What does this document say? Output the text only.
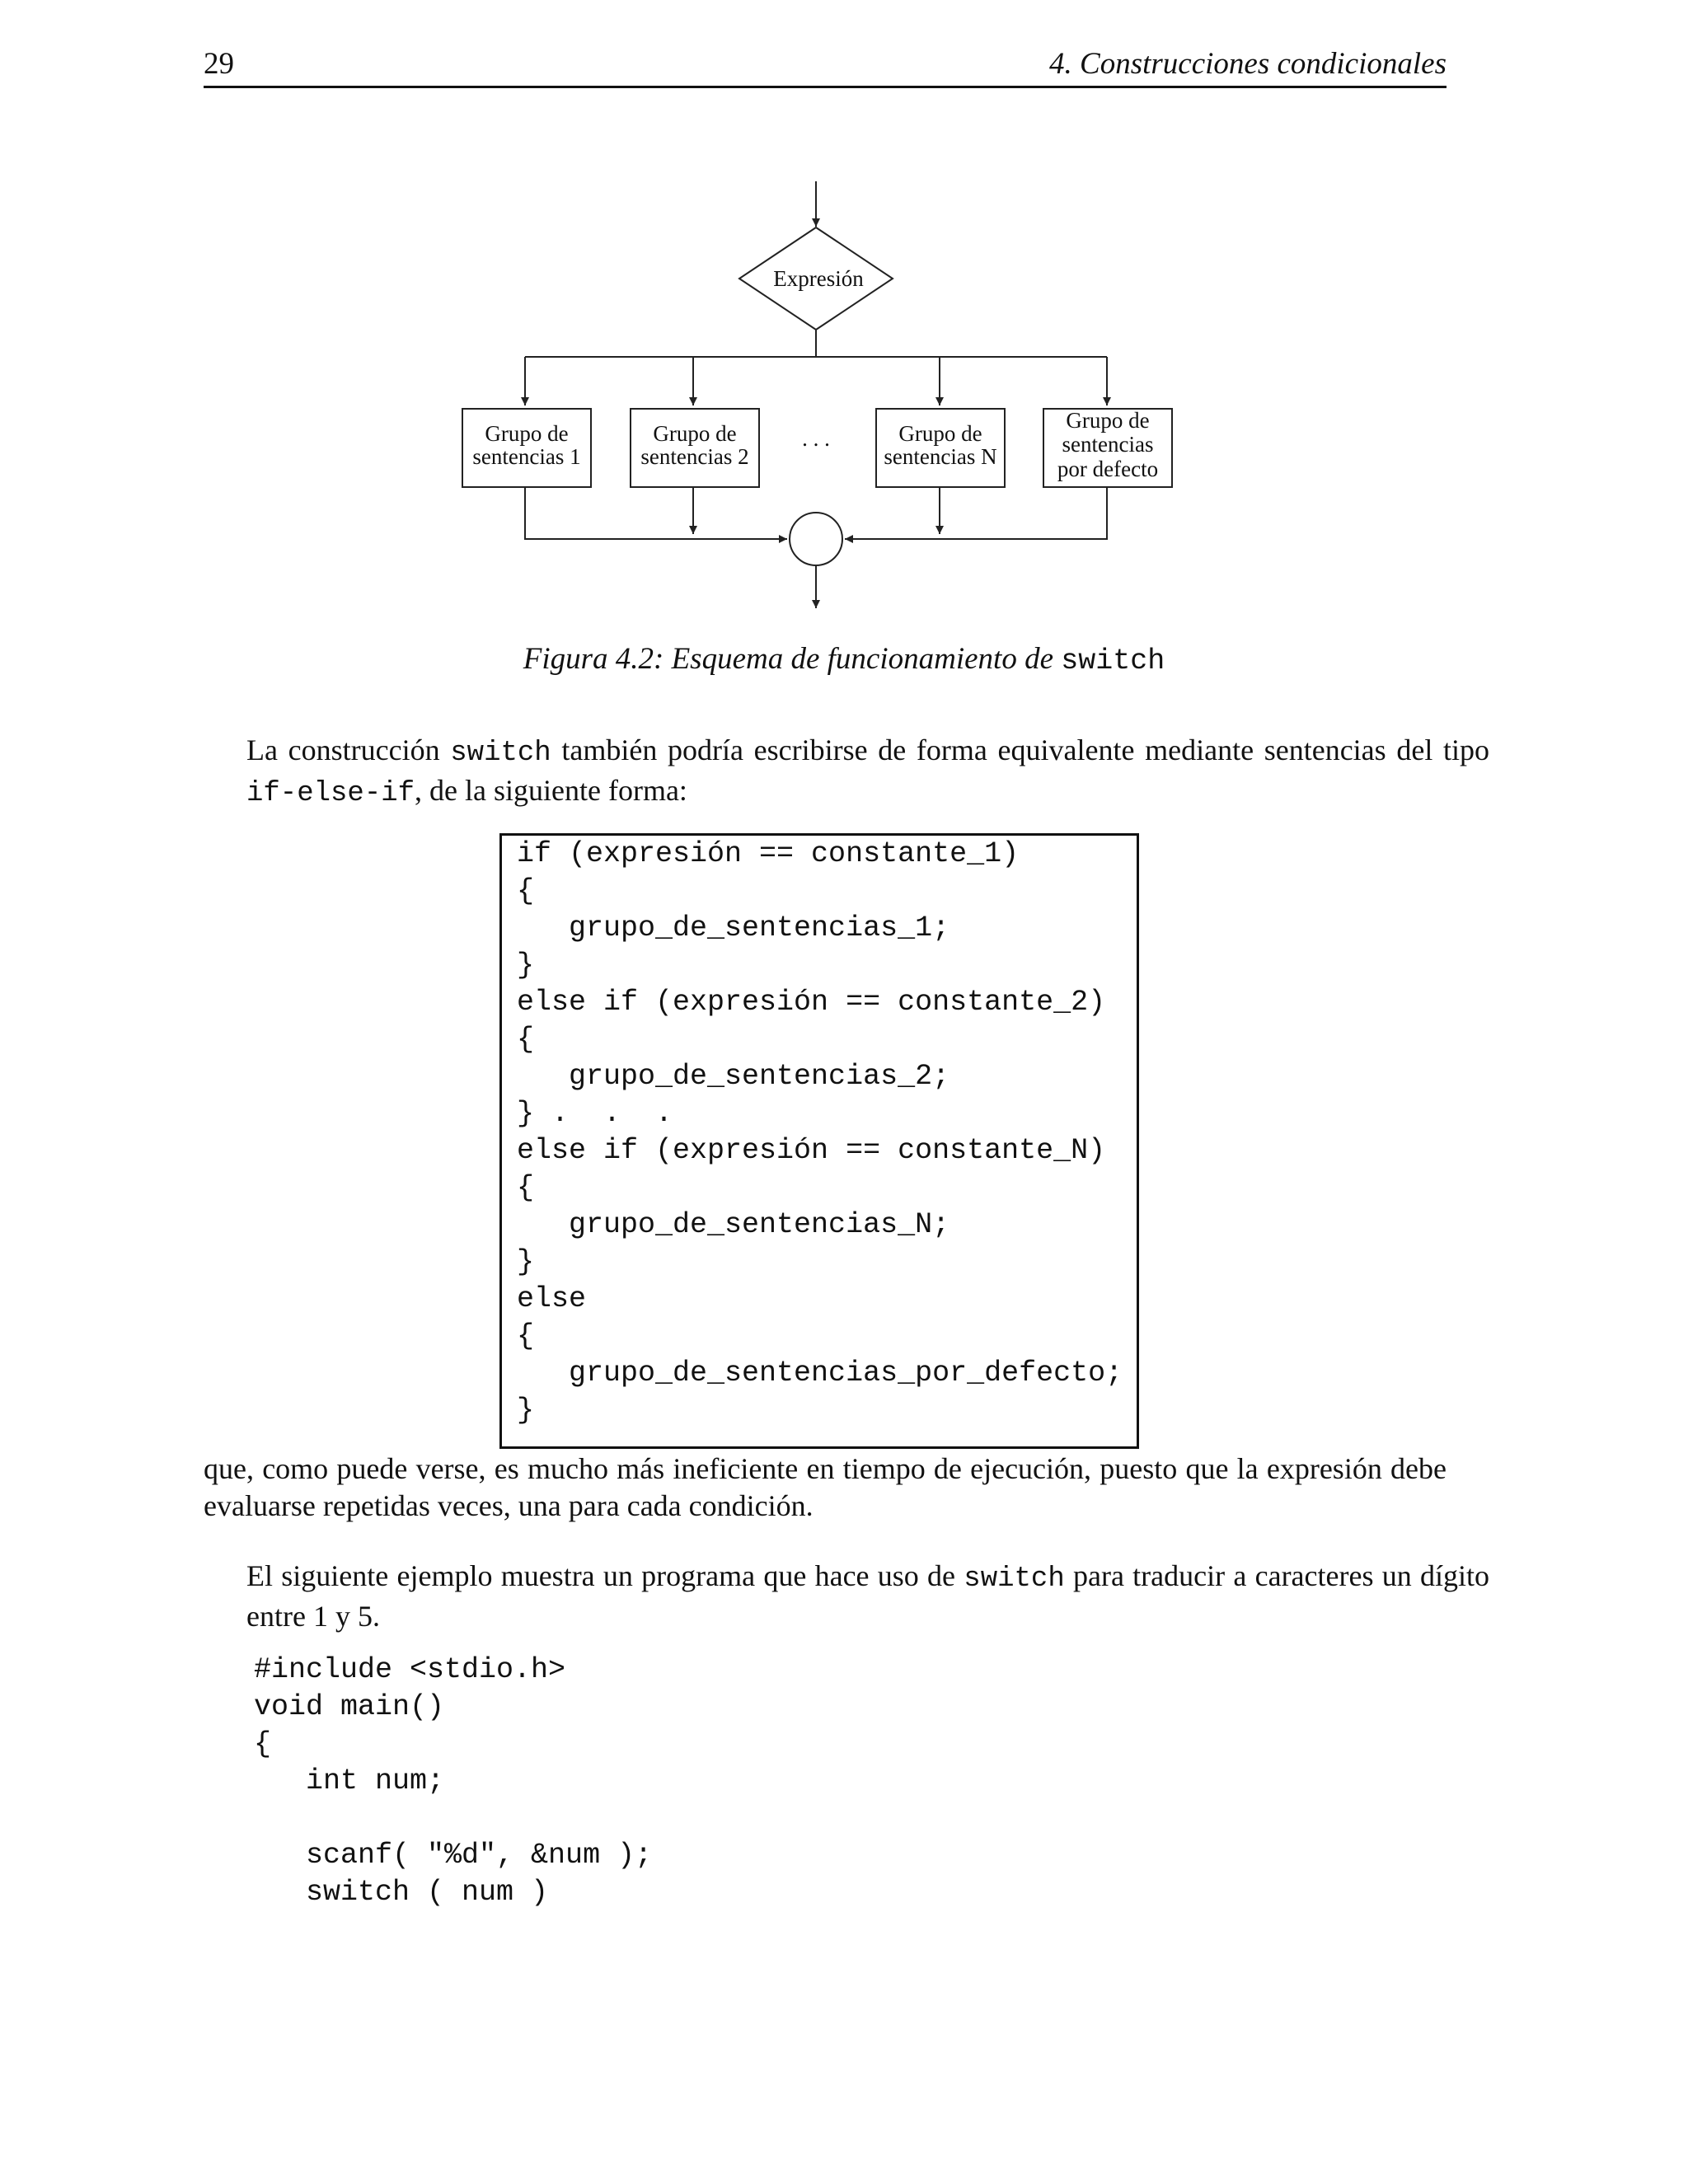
29	4. Construcciones condicionales
Expresión
Grupo de
sentencias 1
Grupo de
sentencias 2
. . .	Grupo de
sentencias N
Grupo de
sentencias
por defecto
Figura 4.2: Esquema de funcionamiento de switch

La construcción switch también podría escribirse de forma equivalente mediante sentencias del tipo if-else-if, de la siguiente forma:

if (expresión == constante_1)
{
grupo_de_sentencias_1;
}
else if (expresión == constante_2)
{
grupo_de_sentencias_2;
} .  .  .
else if (expresión == constante_N)
{
grupo_de_sentencias_N;
}
else
{
grupo_de_sentencias_por_defecto;
}

que, como puede verse, es mucho más ineficiente en tiempo de ejecución, puesto que la expresión debe evaluarse repetidas veces, una para cada condición.

El siguiente ejemplo muestra un programa que hace uso de switch para traducir a caracteres un dígito entre 1 y 5.

#include <stdio.h>
void main()
{
int num;
scanf( "%d", &num );
switch ( num )
